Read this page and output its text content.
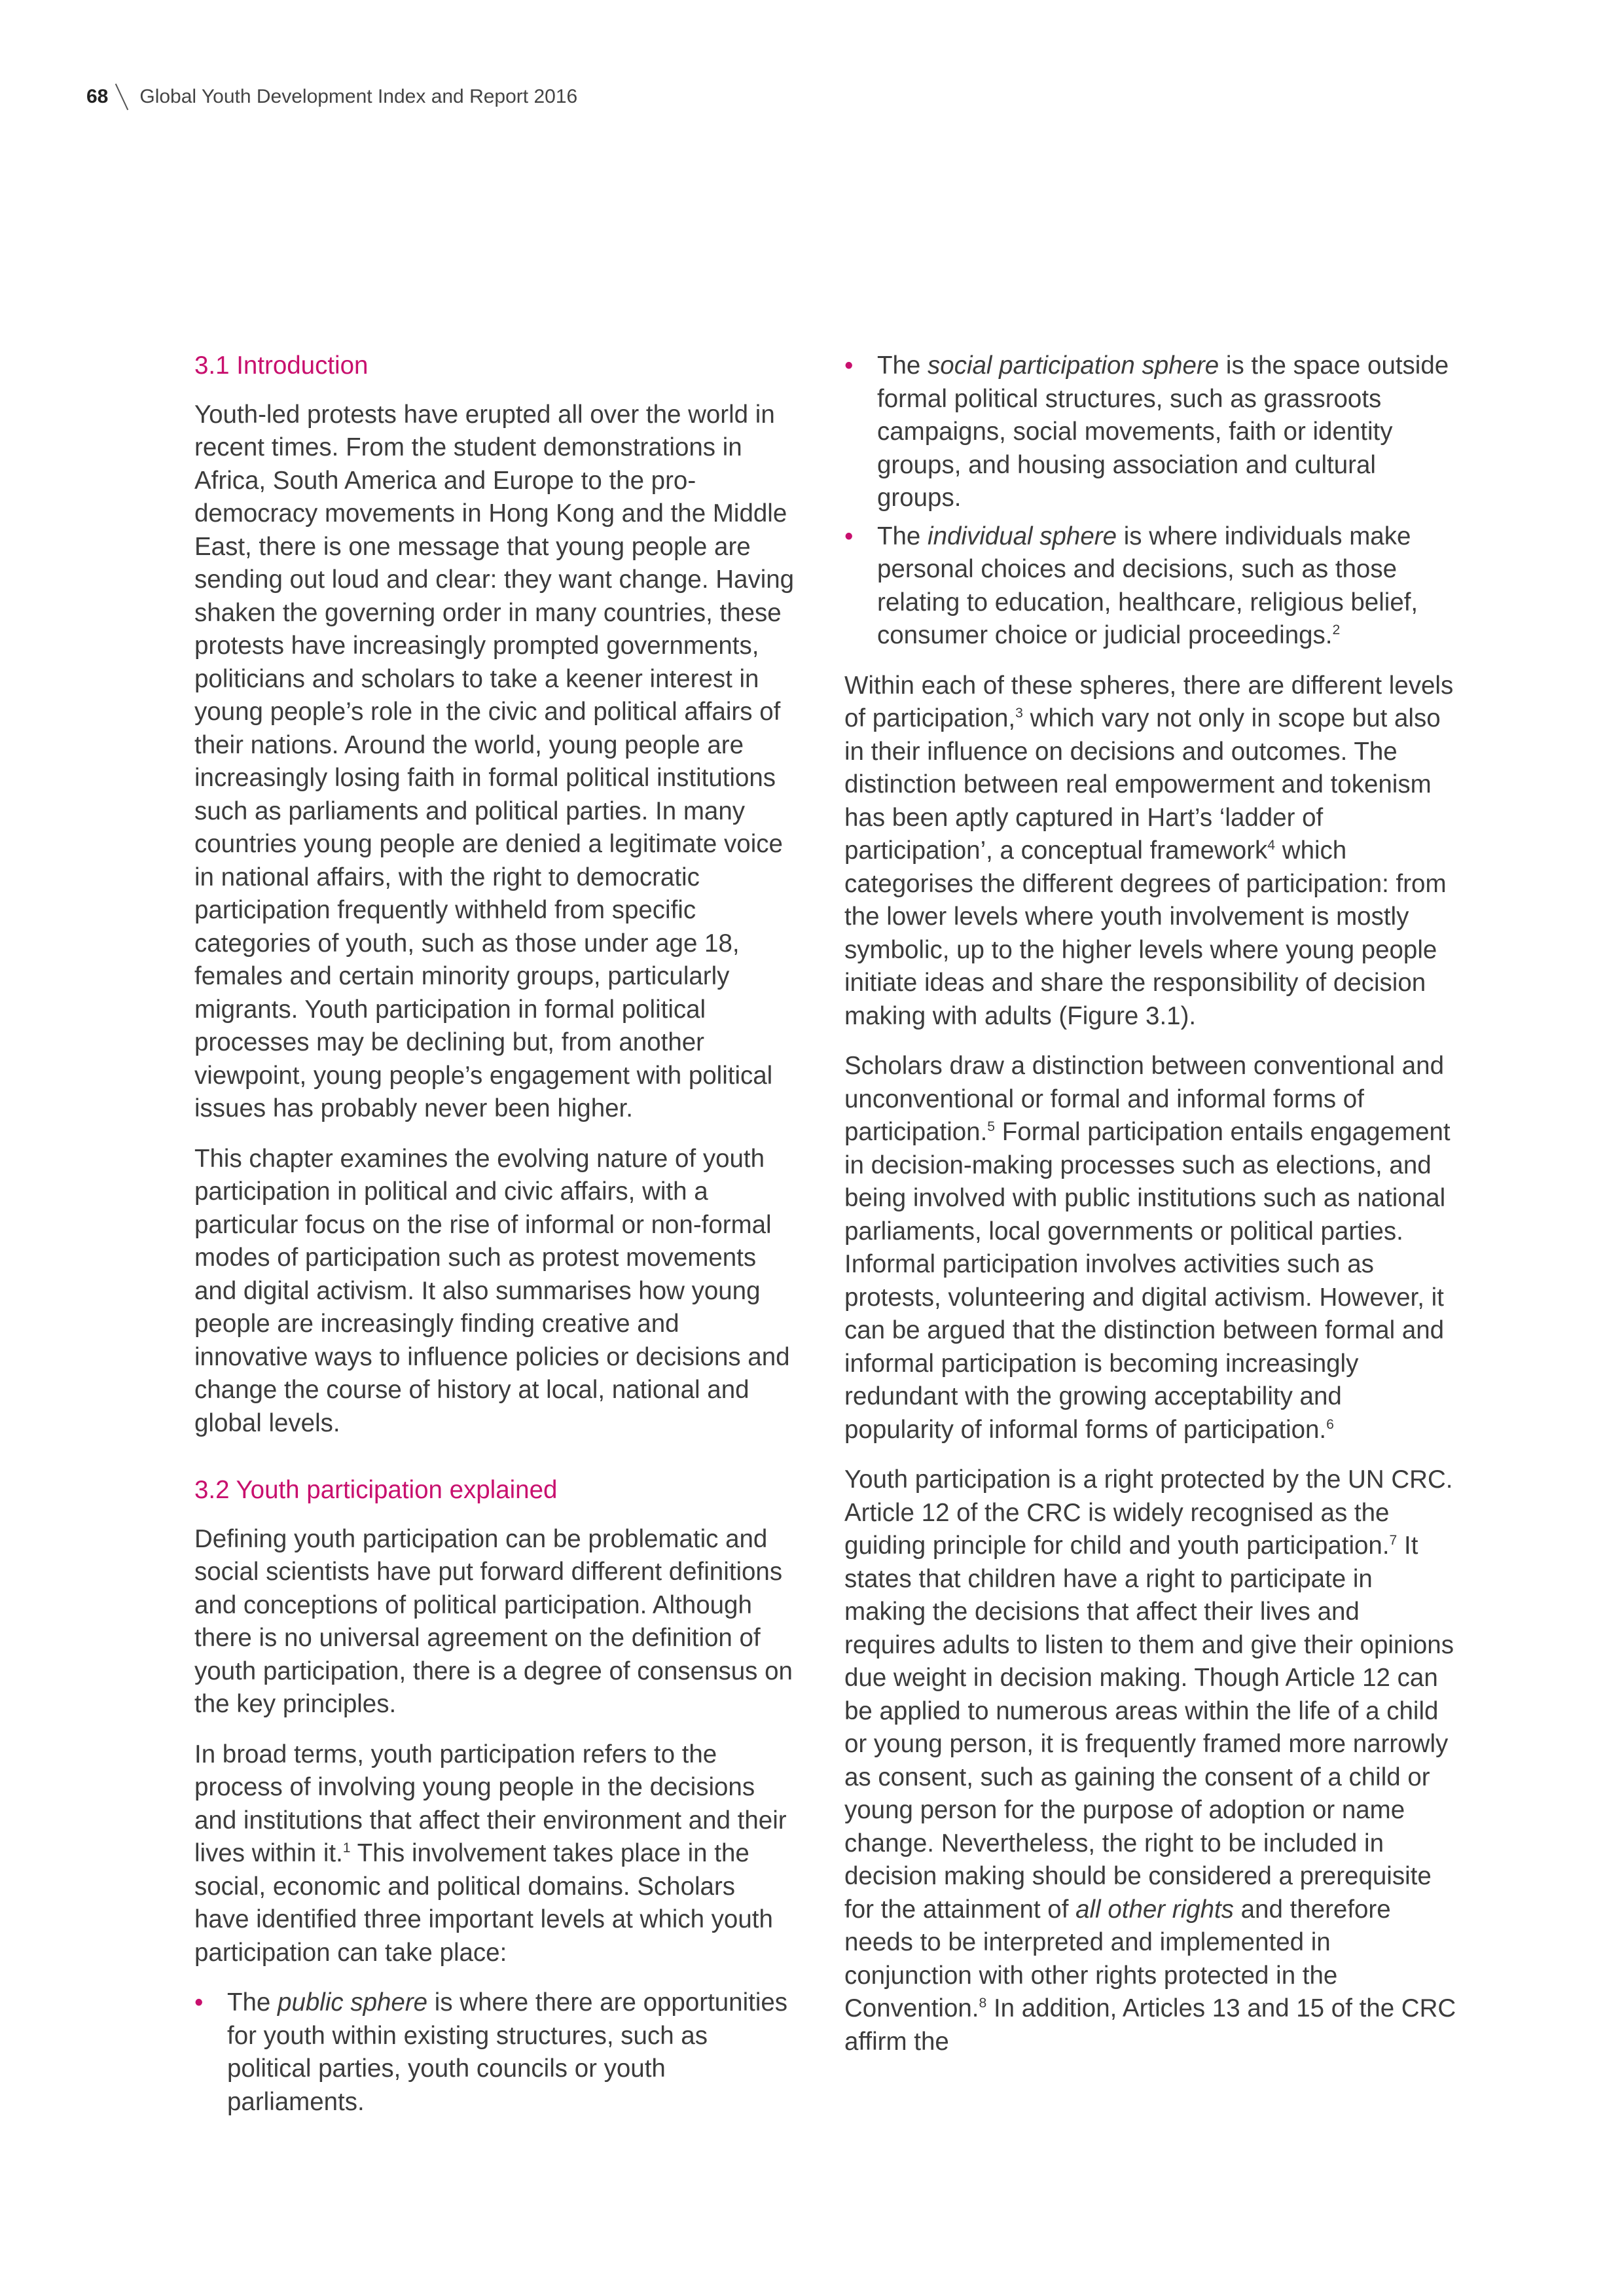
68 Global Youth Development Index and Report 2016
3.1 Introduction

Youth-led protests have erupted all over the world in recent times. From the student demonstrations in Africa, South America and Europe to the pro-democracy movements in Hong Kong and the Middle East, there is one message that young people are sending out loud and clear: they want change. Having shaken the governing order in many countries, these protests have increasingly prompted governments, politicians and scholars to take a keener interest in young people’s role in the civic and political affairs of their nations. Around the world, young people are increasingly losing faith in formal political institutions such as parliaments and political parties. In many countries young people are denied a legitimate voice in national affairs, with the right to democratic participation frequently withheld from specific categories of youth, such as those under age 18, females and certain minority groups, particularly migrants. Youth participation in formal political processes may be declining but, from another viewpoint, young people’s engagement with political issues has probably never been higher.

This chapter examines the evolving nature of youth participation in political and civic affairs, with a particular focus on the rise of informal or non-formal modes of participation such as protest movements and digital activism. It also summarises how young people are increasingly finding creative and innovative ways to influence policies or decisions and change the course of history at local, national and global levels.

3.2 Youth participation explained

Defining youth participation can be problematic and social scientists have put forward different definitions and conceptions of political participation. Although there is no universal agreement on the definition of youth participation, there is a degree of consensus on the key principles.

In broad terms, youth participation refers to the process of involving young people in the decisions and institutions that affect their environment and their lives within it.$^1$ This involvement takes place in the social, economic and political domains. Scholars have identified three important levels at which youth participation can take place:

• The public sphere is where there are opportunities for youth within existing structures, such as political parties, youth councils or youth parliaments.
• The social participation sphere is the space outside formal political structures, such as grassroots campaigns, social movements, faith or identity groups, and housing association and cultural groups.
• The individual sphere is where individuals make personal choices and decisions, such as those relating to education, healthcare, religious belief, consumer choice or judicial proceedings.$^2$

Within each of these spheres, there are different levels of participation,$^3$ which vary not only in scope but also in their influence on decisions and outcomes. The distinction between real empowerment and tokenism has been aptly captured in Hart’s ‘ladder of participation’, a conceptual framework$^4$ which categorises the different degrees of participation: from the lower levels where youth involvement is mostly symbolic, up to the higher levels where young people initiate ideas and share the responsibility of decision making with adults (Figure 3.1).

Scholars draw a distinction between conventional and unconventional or formal and informal forms of participation.$^5$ Formal participation entails engagement in decision-making processes such as elections, and being involved with public institutions such as national parliaments, local governments or political parties. Informal participation involves activities such as protests, volunteering and digital activism. However, it can be argued that the distinction between formal and informal participation is becoming increasingly redundant with the growing acceptability and popularity of informal forms of participation.$^6$

Youth participation is a right protected by the UN CRC. Article 12 of the CRC is widely recognised as the guiding principle for child and youth participation.$^7$ It states that children have a right to participate in making the decisions that affect their lives and requires adults to listen to them and give their opinions due weight in decision making. Though Article 12 can be applied to numerous areas within the life of a child or young person, it is frequently framed more narrowly as consent, such as gaining the consent of a child or young person for the purpose of adoption or name change. Nevertheless, the right to be included in decision making should be considered a prerequisite for the attainment of all other rights and therefore needs to be interpreted and implemented in conjunction with other rights protected in the Convention.$^8$ In addition, Articles 13 and 15 of the CRC affirm the
